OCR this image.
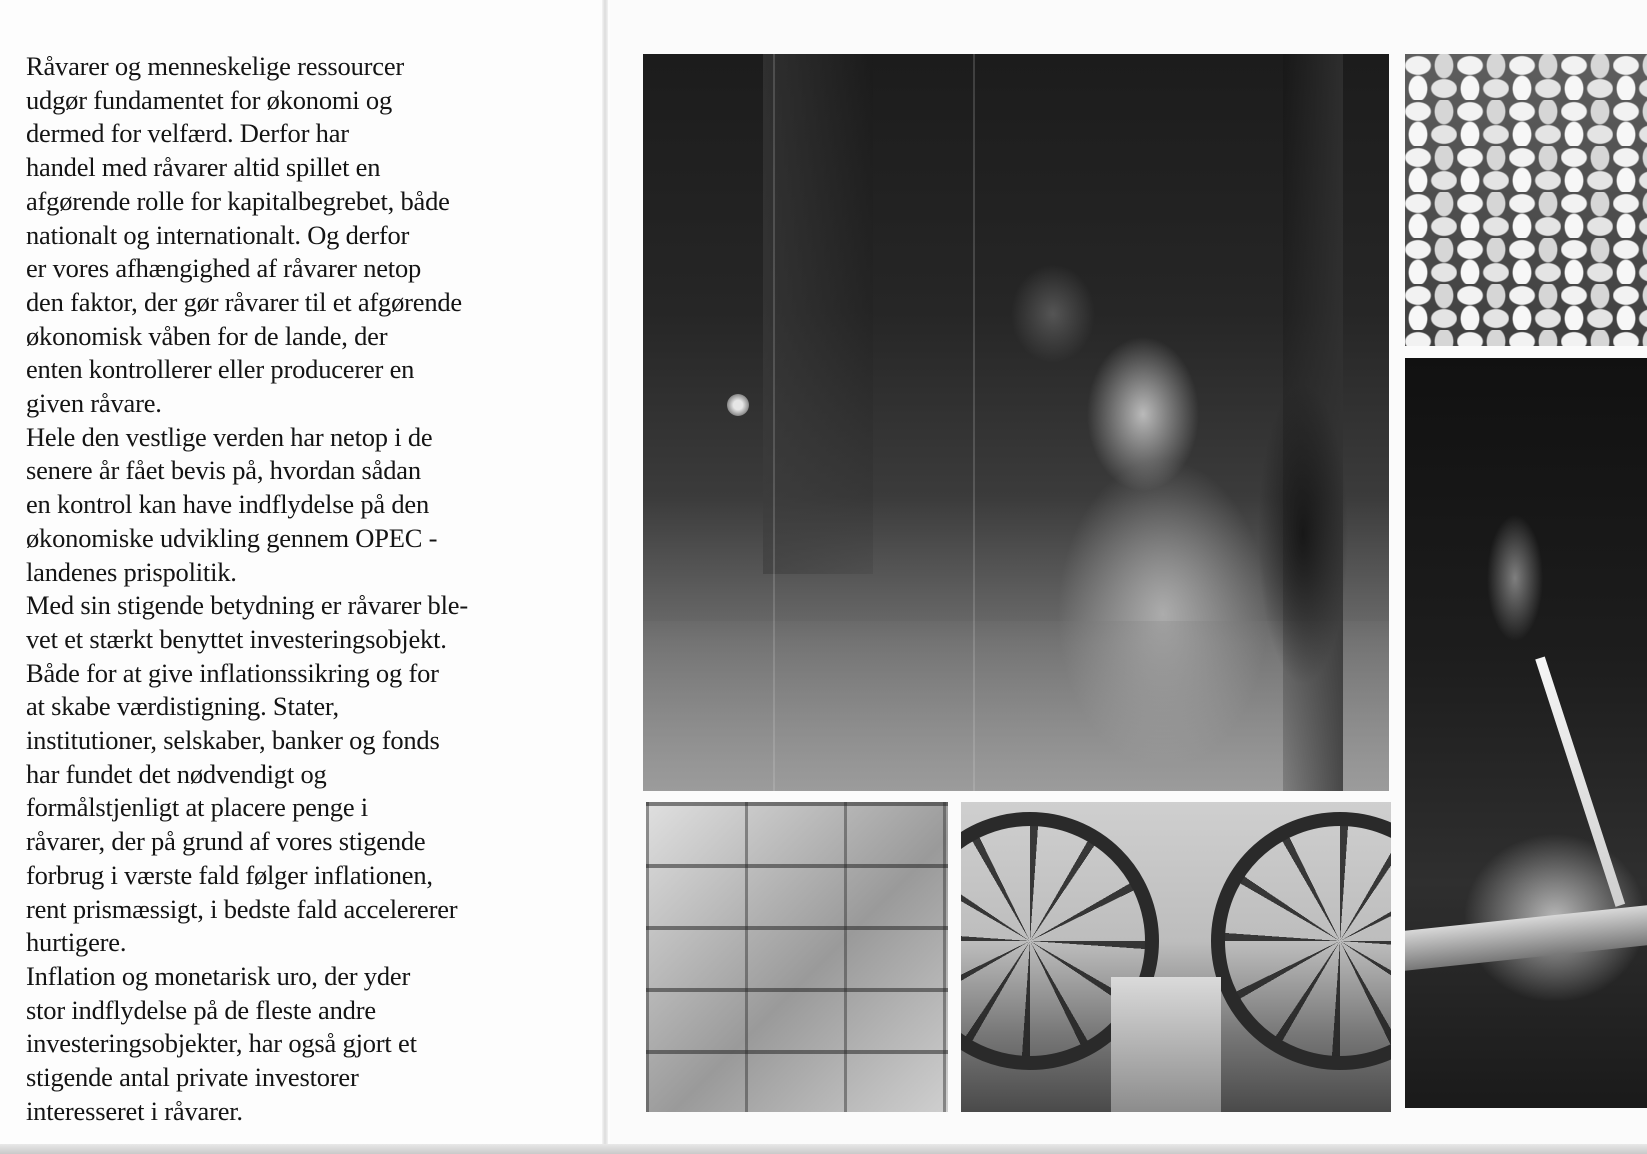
Råvarer og menneskelige ressourcer
udgør fundamentet for økonomi og
dermed for velfærd. Derfor har
handel med råvarer altid spillet en
afgørende rolle for kapitalbegrebet, både
nationalt og internationalt. Og derfor
er vores afhængighed af råvarer netop
den faktor, der gør råvarer til et afgørende
økonomisk våben for de lande, der
enten kontrollerer eller producerer en
given råvare.
Hele den vestlige verden har netop i de
senere år fået bevis på, hvordan sådan
en kontrol kan have indflydelse på den
økonomiske udvikling gennem OPEC -
landenes prispolitik.
Med sin stigende betydning er råvarer ble-
vet et stærkt benyttet investeringsobjekt.
Både for at give inflationssikring og for
at skabe værdistigning. Stater,
institutioner, selskaber, banker og fonds
har fundet det nødvendigt og
formålstjenligt at placere penge i
råvarer, der på grund af vores stigende
forbrug i værste fald følger inflationen,
rent prismæssigt, i bedste fald accelererer
hurtigere.
Inflation og monetarisk uro, der yder
stor indflydelse på de fleste andre
investeringsobjekter, har også gjort et
stigende antal private investorer
interesseret i råvarer.
